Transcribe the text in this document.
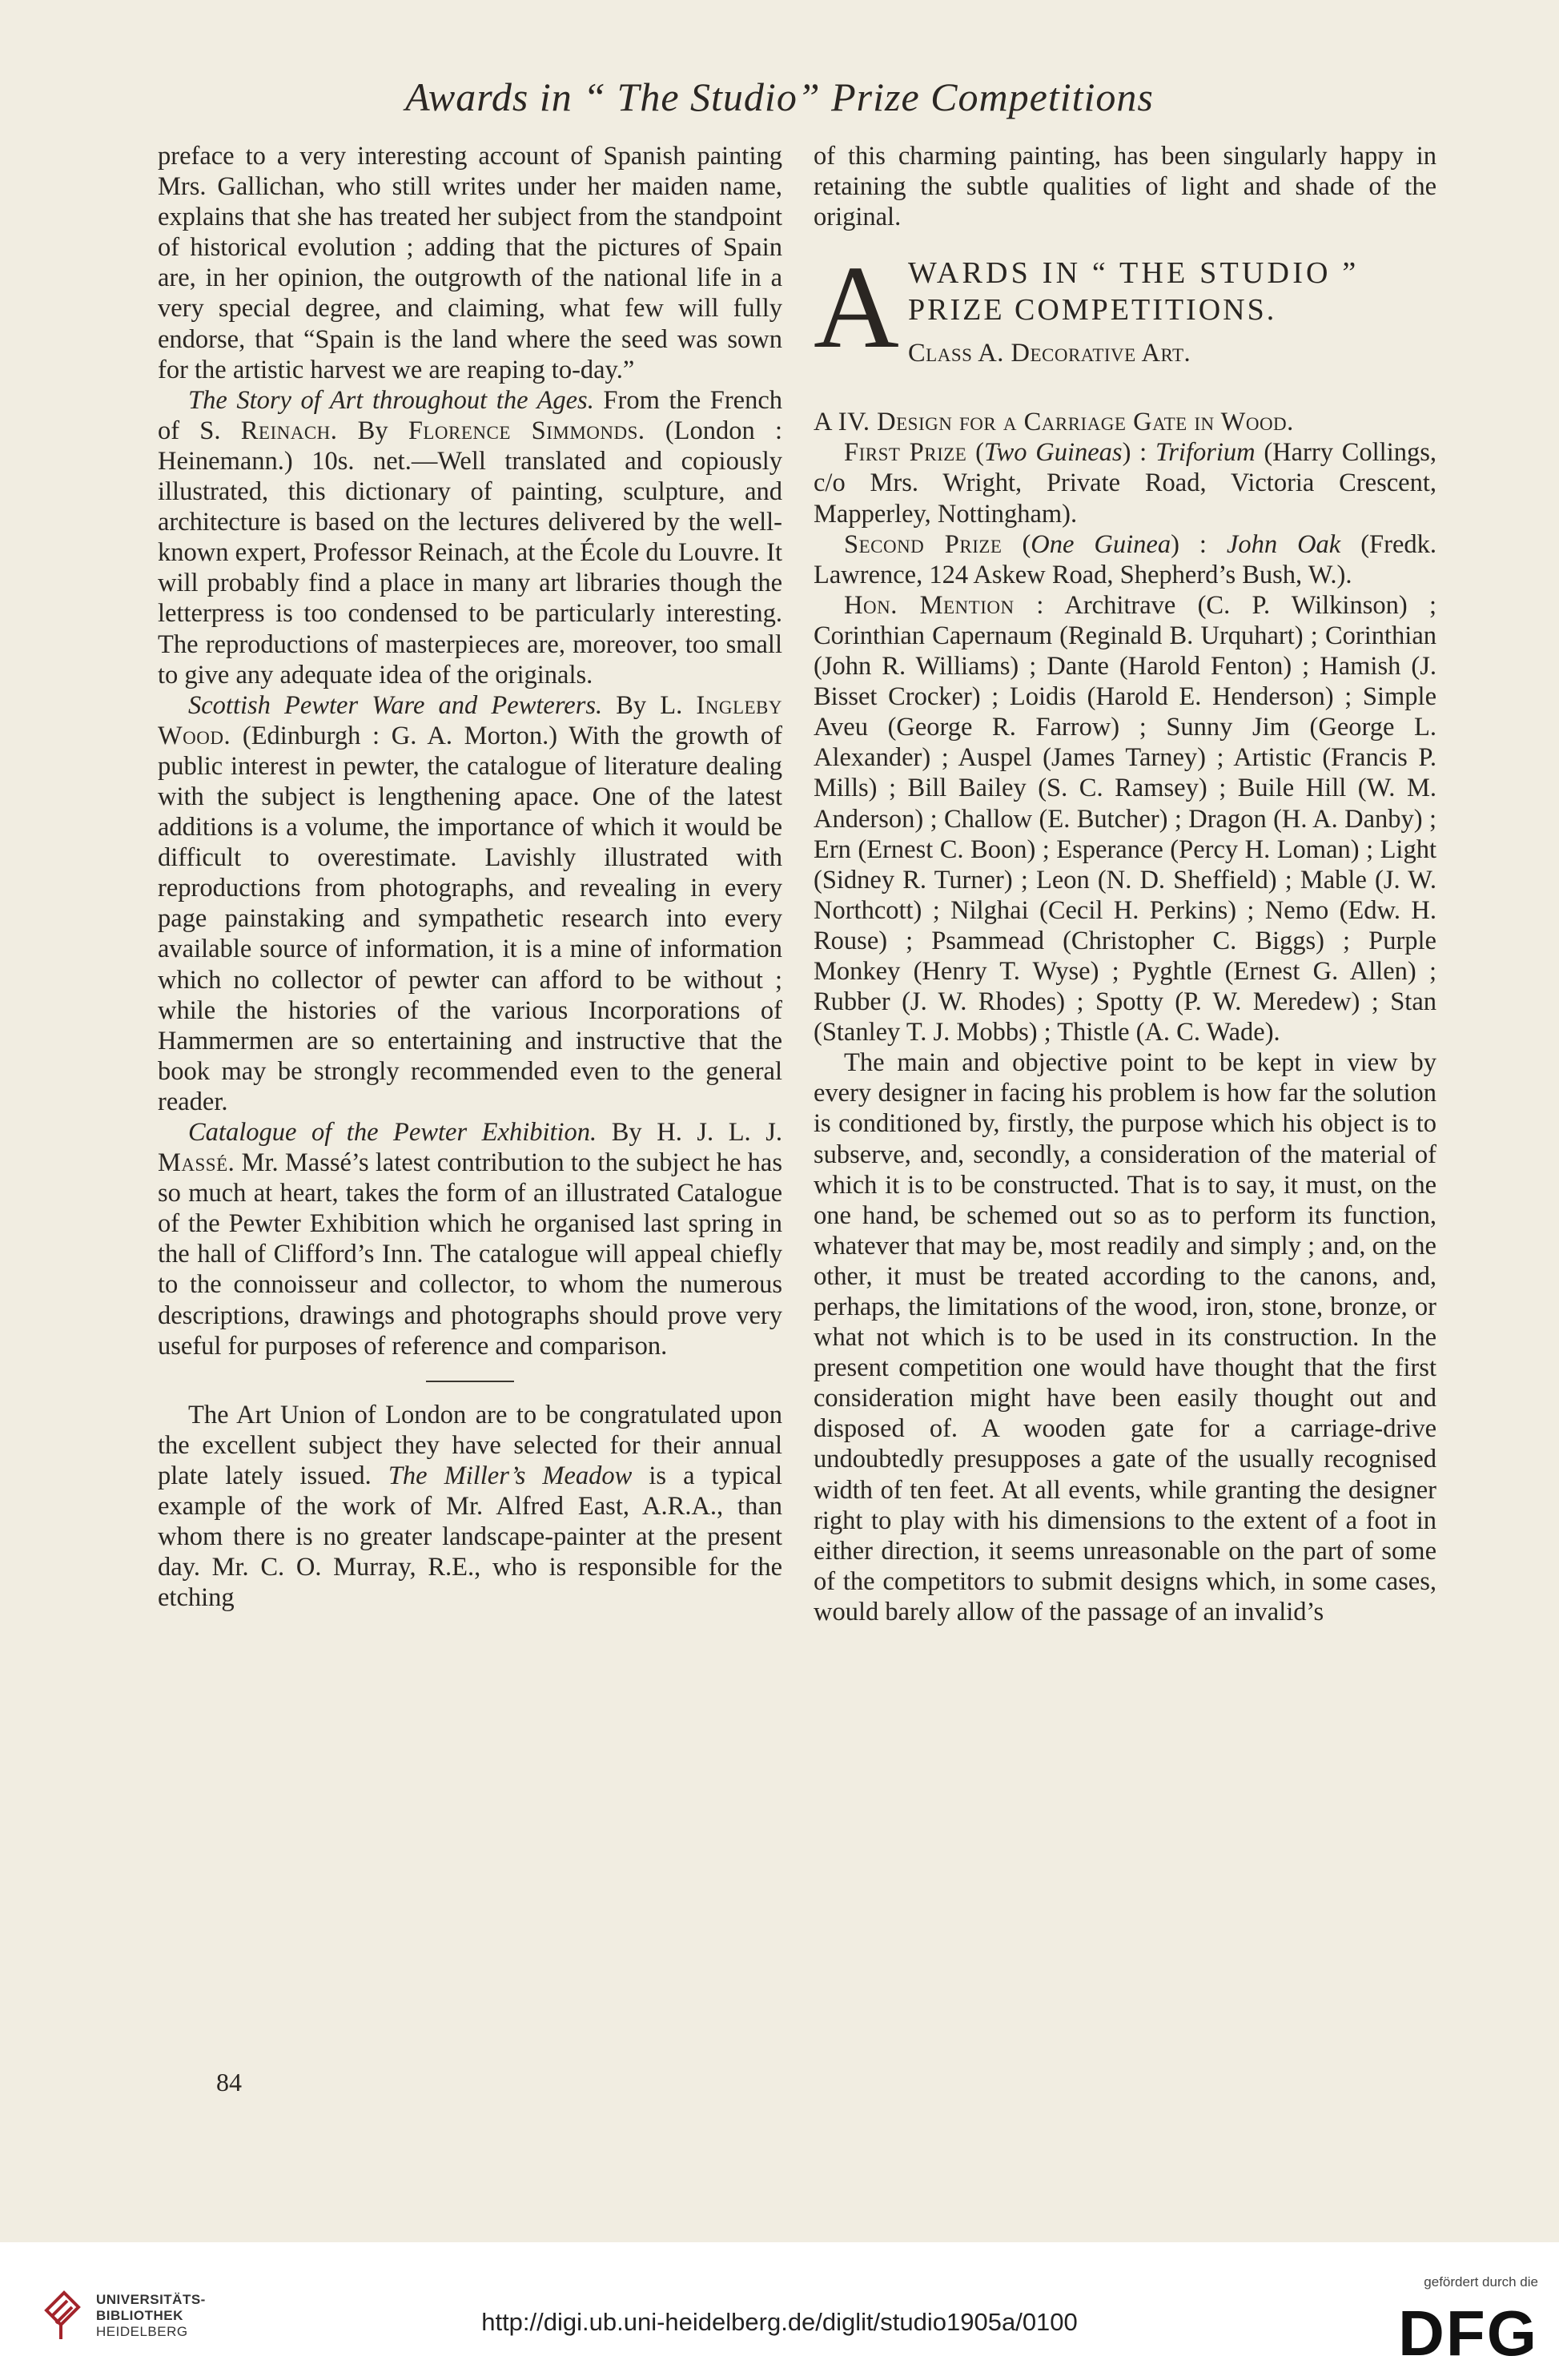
Awards in “ The Studio” Prize Competitions

preface to a very interesting account of Spanish painting Mrs. Gallichan, who still writes under her maiden name, explains that she has treated her subject from the standpoint of historical evolution ; adding that the pictures of Spain are, in her opinion, the outgrowth of the national life in a very special degree, and claiming, what few will fully endorse, that “Spain is the land where the seed was sown for the artistic harvest we are reaping to-day.”

The Story of Art throughout the Ages. From the French of S. Reinach. By Florence Simmonds. (London : Heinemann.) 10s. net.—Well translated and copiously illustrated, this dictionary of painting, sculpture, and architecture is based on the lectures delivered by the well-known expert, Professor Reinach, at the École du Louvre. It will probably find a place in many art libraries though the letterpress is too condensed to be particularly interesting. The reproductions of masterpieces are, moreover, too small to give any adequate idea of the originals.

Scottish Pewter Ware and Pewterers. By L. Ingleby Wood. (Edinburgh : G. A. Morton.) With the growth of public interest in pewter, the catalogue of literature dealing with the subject is lengthening apace. One of the latest additions is a volume, the importance of which it would be difficult to overestimate. Lavishly illustrated with reproductions from photographs, and revealing in every page painstaking and sympathetic research into every available source of information, it is a mine of information which no collector of pewter can afford to be without ; while the histories of the various Incorporations of Hammermen are so entertaining and instructive that the book may be strongly recommended even to the general reader.

Catalogue of the Pewter Exhibition. By H. J. L. J. Massé. Mr. Massé’s latest contribution to the subject he has so much at heart, takes the form of an illustrated Catalogue of the Pewter Exhibition which he organised last spring in the hall of Clifford’s Inn. The catalogue will appeal chiefly to the connoisseur and collector, to whom the numerous descriptions, drawings and photographs should prove very useful for purposes of reference and comparison.

The Art Union of London are to be congratulated upon the excellent subject they have selected for their annual plate lately issued. The Miller’s Meadow is a typical example of the work of Mr. Alfred East, A.R.A., than whom there is no greater landscape-painter at the present day. Mr. C. O. Murray, R.E., who is responsible for the etching

84

of this charming painting, has been singularly happy in retaining the subtle qualities of light and shade of the original.

A WARDS IN “ THE STUDIO ”
PRIZE COMPETITIONS.
Class A. Decorative Art.

A IV. Design for a Carriage Gate in Wood.

First Prize (Two Guineas) : Triforium (Harry Collings, c/o Mrs. Wright, Private Road, Victoria Crescent, Mapperley, Nottingham).

Second Prize (One Guinea) : John Oak (Fredk. Lawrence, 124 Askew Road, Shepherd’s Bush, W.).

Hon. Mention : Architrave (C. P. Wilkinson) ; Corinthian Capernaum (Reginald B. Urquhart) ; Corinthian (John R. Williams) ; Dante (Harold Fenton) ; Hamish (J. Bisset Crocker) ; Loidis (Harold E. Henderson) ; Simple Aveu (George R. Farrow) ; Sunny Jim (George L. Alexander) ; Auspel (James Tarney) ; Artistic (Francis P. Mills) ; Bill Bailey (S. C. Ramsey) ; Buile Hill (W. M. Anderson) ; Challow (E. Butcher) ; Dragon (H. A. Danby) ; Ern (Ernest C. Boon) ; Esperance (Percy H. Loman) ; Light (Sidney R. Turner) ; Leon (N. D. Sheffield) ; Mable (J. W. Northcott) ; Nilghai (Cecil H. Perkins) ; Nemo (Edw. H. Rouse) ; Psammead (Christopher C. Biggs) ; Purple Monkey (Henry T. Wyse) ; Pyghtle (Ernest G. Allen) ; Rubber (J. W. Rhodes) ; Spotty (P. W. Meredew) ; Stan (Stanley T. J. Mobbs) ; Thistle (A. C. Wade).

The main and objective point to be kept in view by every designer in facing his problem is how far the solution is conditioned by, firstly, the purpose which his object is to subserve, and, secondly, a consideration of the material of which it is to be constructed. That is to say, it must, on the one hand, be schemed out so as to perform its function, whatever that may be, most readily and simply ; and, on the other, it must be treated according to the canons, and, perhaps, the limitations of the wood, iron, stone, bronze, or what not which is to be used in its construction. In the present competition one would have thought that the first consideration might have been easily thought out and disposed of. A wooden gate for a carriage-drive undoubtedly presupposes a gate of the usually recognised width of ten feet. At all events, while granting the designer right to play with his dimensions to the extent of a foot in either direction, it seems unreasonable on the part of some of the competitors to submit designs which, in some cases, would barely allow of the passage of an invalid’s

UNIVERSITÄTS-
BIBLIOTHEK
HEIDELBERG	http://digi.ub.uni-heidelberg.de/diglit/studio1905a/0100
gefördert durch die
DFG
